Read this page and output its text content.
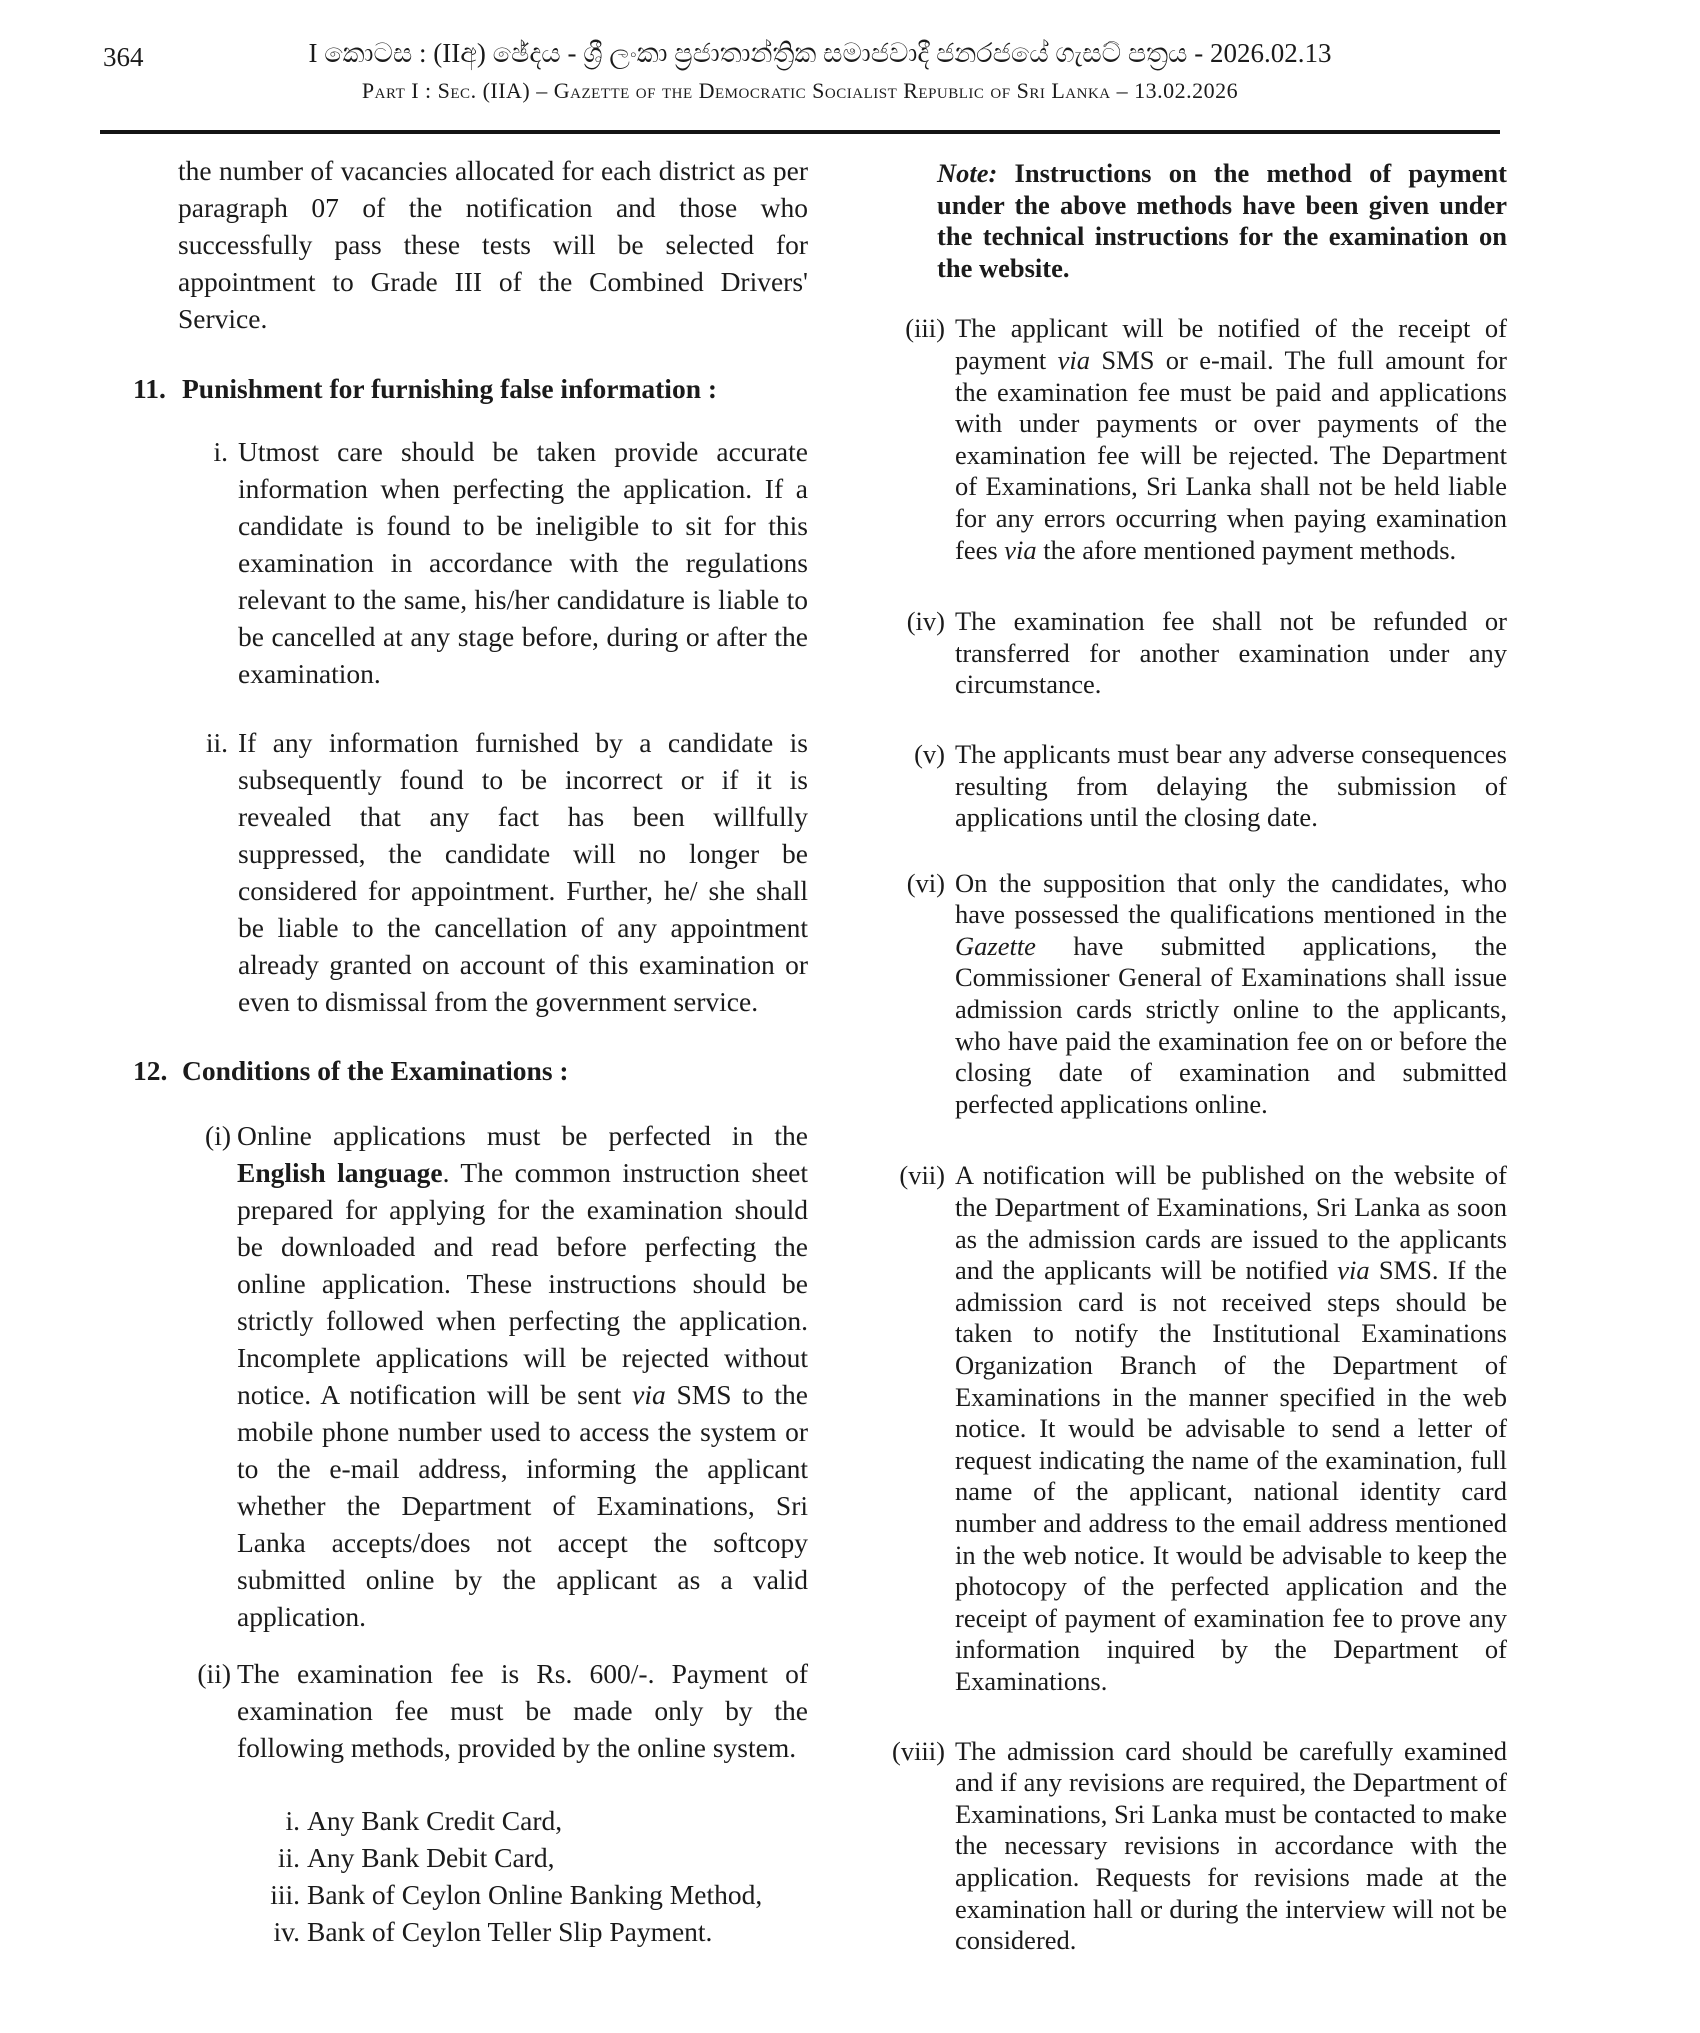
364	I කොටස : (IIඅ) ඡේදය - ශ්‍රී ලංකා ප්‍රජාතාන්ත්‍රික සමාජවාදී ජනරජයේ ගැසට් පත්‍රය - 2026.02.13
Part I : Sec. (IIA) – Gazette of the Democratic Socialist Republic of Sri Lanka – 13.02.2026
the number of vacancies allocated for each district as per paragraph 07 of the notification and those who successfully pass these tests will be selected for appointment to Grade III of the Combined Drivers' Service.
11. Punishment for furnishing false information :
i. Utmost care should be taken provide accurate information when perfecting the application. If a candidate is found to be ineligible to sit for this examination in accordance with the regulations relevant to the same, his/her candidature is liable to be cancelled at any stage before, during or after the examination.
ii. If any information furnished by a candidate is subsequently found to be incorrect or if it is revealed that any fact has been willfully suppressed, the candidate will no longer be considered for appointment. Further, he/ she shall be liable to the cancellation of any appointment already granted on account of this examination or even to dismissal from the government service.
12. Conditions of the Examinations :
(i) Online applications must be perfected in the English language. The common instruction sheet prepared for applying for the examination should be downloaded and read before perfecting the online application. These instructions should be strictly followed when perfecting the application. Incomplete applications will be rejected without notice. A notification will be sent via SMS to the mobile phone number used to access the system or to the e-mail address, informing the applicant whether the Department of Examinations, Sri Lanka accepts/does not accept the softcopy submitted online by the applicant as a valid application.
(ii) The examination fee is Rs. 600/-. Payment of examination fee must be made only by the following methods, provided by the online system.
i. Any Bank Credit Card,
ii. Any Bank Debit Card,
iii. Bank of Ceylon Online Banking Method,
iv. Bank of Ceylon Teller Slip Payment.
Note: Instructions on the method of payment under the above methods have been given under the technical instructions for the examination on the website.
(iii) The applicant will be notified of the receipt of payment via SMS or e-mail. The full amount for the examination fee must be paid and applications with under payments or over payments of the examination fee will be rejected. The Department of Examinations, Sri Lanka shall not be held liable for any errors occurring when paying examination fees via the afore mentioned payment methods.
(iv) The examination fee shall not be refunded or transferred for another examination under any circumstance.
(v) The applicants must bear any adverse consequences resulting from delaying the submission of applications until the closing date.
(vi) On the supposition that only the candidates, who have possessed the qualifications mentioned in the Gazette have submitted applications, the Commissioner General of Examinations shall issue admission cards strictly online to the applicants, who have paid the examination fee on or before the closing date of examination and submitted perfected applications online.
(vii) A notification will be published on the website of the Department of Examinations, Sri Lanka as soon as the admission cards are issued to the applicants and the applicants will be notified via SMS. If the admission card is not received steps should be taken to notify the Institutional Examinations Organization Branch of the Department of Examinations in the manner specified in the web notice. It would be advisable to send a letter of request indicating the name of the examination, full name of the applicant, national identity card number and address to the email address mentioned in the web notice. It would be advisable to keep the photocopy of the perfected application and the receipt of payment of examination fee to prove any information inquired by the Department of Examinations.
(viii) The admission card should be carefully examined and if any revisions are required, the Department of Examinations, Sri Lanka must be contacted to make the necessary revisions in accordance with the application. Requests for revisions made at the examination hall or during the interview will not be considered.
